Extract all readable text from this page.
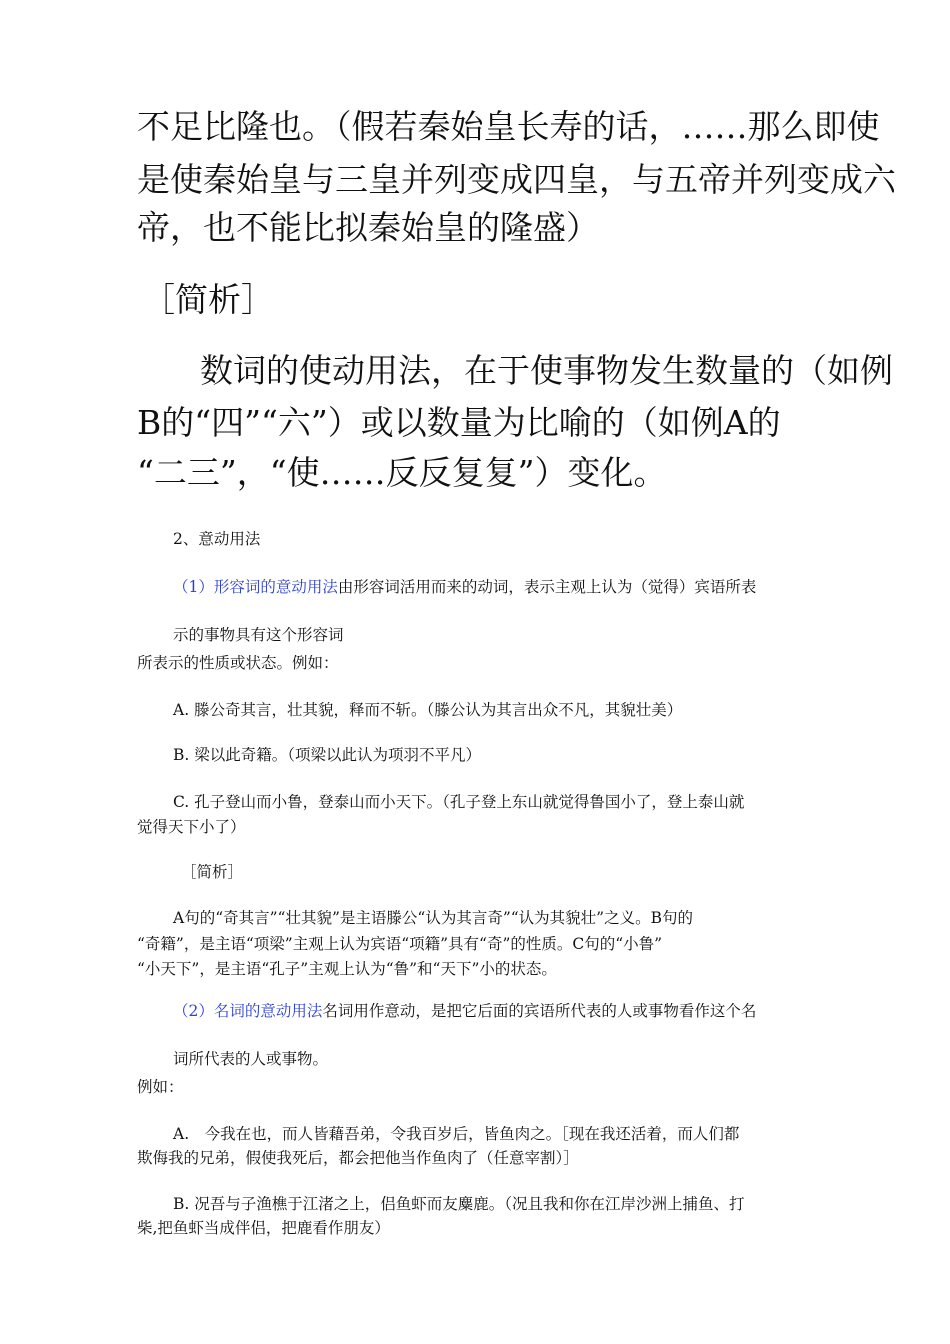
不足比隆也。（假若秦始皇长寿的话，……那么即使

是使秦始皇与三皇并列变成四皇，与五帝并列变成六

帝，也不能比拟秦始皇的隆盛）

［简析］

数词的使动用法，在于使事物发生数量的（如例

B的“四”“六”）或以数量为比喻的（如例A的

“二三”，“使……反反复复”）变化。

2、意动用法

（1）形容词的意动用法由形容词活用而来的动词，表示主观上认为（觉得）宾语所表

示的事物具有这个形容词

所表示的性质或状态。例如：

A. 滕公奇其言，壮其貌，释而不斩。（滕公认为其言出众不凡，其貌壮美）

B. 梁以此奇籍。（项梁以此认为项羽不平凡）

C. 孔子登山而小鲁，登泰山而小天下。（孔子登上东山就觉得鲁国小了，登上泰山就

觉得天下小了）

［简析］

A句的“奇其言”“壮其貌”是主语滕公“认为其言奇”“认为其貌壮”之义。B句的

“奇籍”，是主语“项梁”主观上认为宾语“项籍”具有“奇”的性质。C句的“小鲁”

“小天下”，是主语“孔子”主观上认为“鲁”和“天下”小的状态。

（2）名词的意动用法名词用作意动，是把它后面的宾语所代表的人或事物看作这个名

词所代表的人或事物。

例如：

A.　今我在也，而人皆藉吾弟，令我百岁后，皆鱼肉之。［现在我还活着，而人们都

欺侮我的兄弟，假使我死后，都会把他当作鱼肉了（任意宰割）］

B. 况吾与子渔樵于江渚之上，侣鱼虾而友麋鹿。（况且我和你在江岸沙洲上捕鱼、打

柴,把鱼虾当成伴侣，把鹿看作朋友）
